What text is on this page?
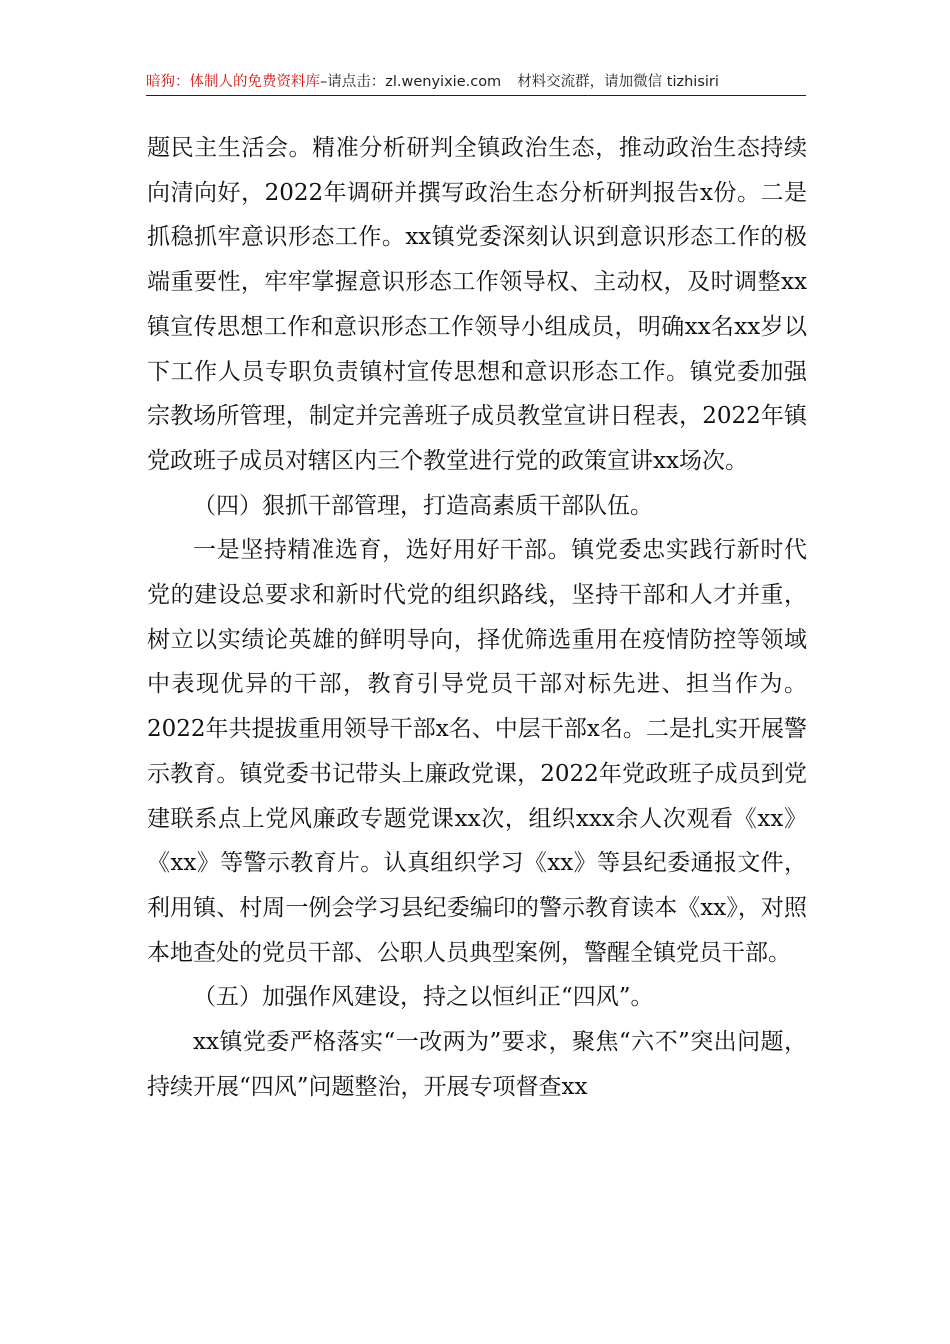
暗狗：体制人的免费资料库–请点击：zl.wenyixie.com 材料交流群，请加微信 tizhisiri

题民主生活会。精准分析研判全镇政治生态，推动政治生态持续向清向好，2022年调研并撰写政治生态分析研判报告x份。二是抓稳抓牢意识形态工作。xx镇党委深刻认识到意识形态工作的极端重要性，牢牢掌握意识形态工作领导权、主动权，及时调整xx镇宣传思想工作和意识形态工作领导小组成员，明确xx名xx岁以下工作人员专职负责镇村宣传思想和意识形态工作。镇党委加强宗教场所管理，制定并完善班子成员教堂宣讲日程表，2022年镇党政班子成员对辖区内三个教堂进行党的政策宣讲xx场次。

（四）狠抓干部管理，打造高素质干部队伍。

一是坚持精准选育，选好用好干部。镇党委忠实践行新时代党的建设总要求和新时代党的组织路线，坚持干部和人才并重，树立以实绩论英雄的鲜明导向，择优筛选重用在疫情防控等领域中表现优异的干部，教育引导党员干部对标先进、担当作为。2022年共提拔重用领导干部x名、中层干部x名。二是扎实开展警示教育。镇党委书记带头上廉政党课，2022年党政班子成员到党建联系点上党风廉政专题党课xx次，组织xxx余人次观看《xx》《xx》等警示教育片。认真组织学习《xx》等县纪委通报文件，利用镇、村周一例会学习县纪委编印的警示教育读本《xx》，对照本地查处的党员干部、公职人员典型案例，警醒全镇党员干部。

（五）加强作风建设，持之以恒纠正“四风”。

xx镇党委严格落实“一改两为”要求，聚焦“六不”突出问题，持续开展“四风”问题整治，开展专项督查xx
